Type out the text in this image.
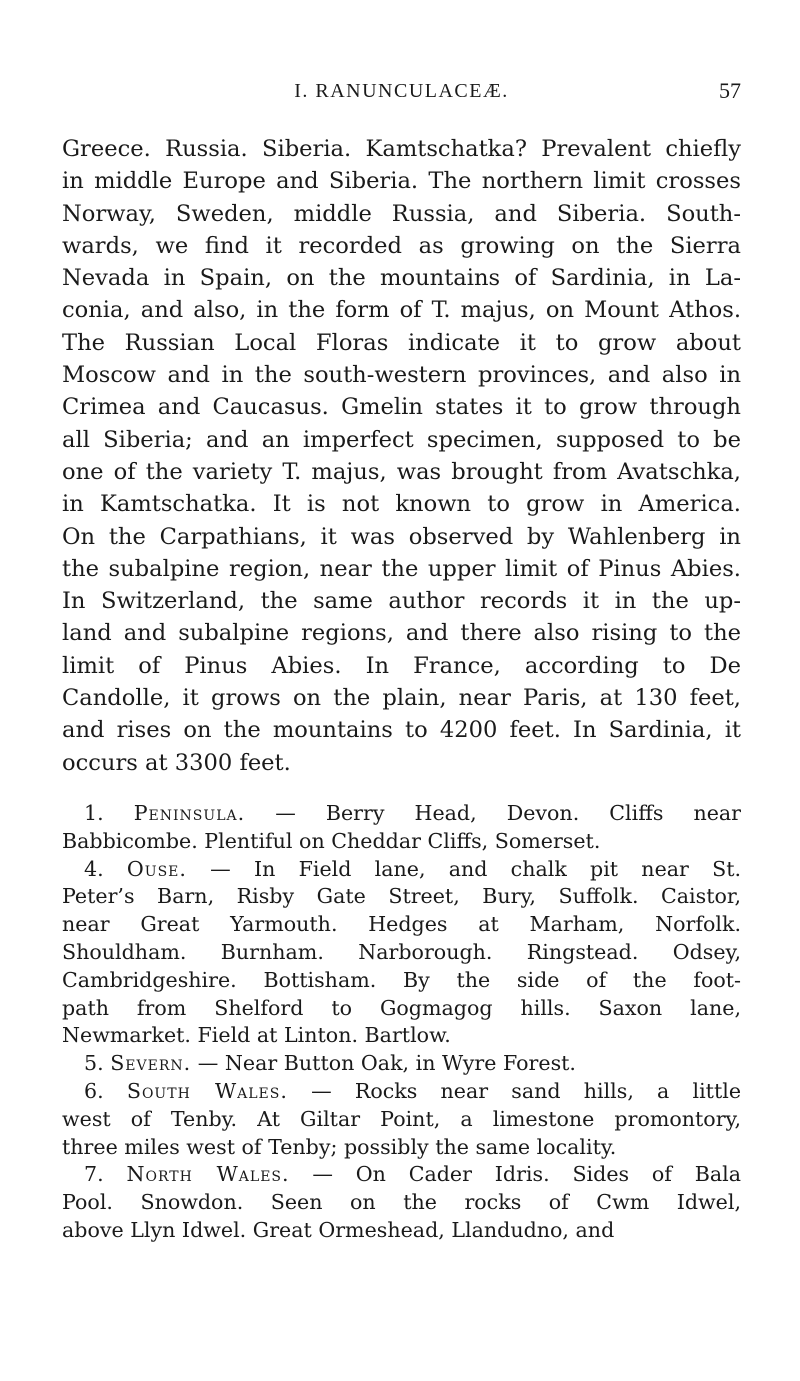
I. RANUNCULACEÆ.	57
Greece. Russia. Siberia. Kamtschatka? Prevalent chiefly
in middle Europe and Siberia. The northern limit crosses
Norway, Sweden, middle Russia, and Siberia. South-
wards, we find it recorded as growing on the Sierra
Nevada in Spain, on the mountains of Sardinia, in La-
conia, and also, in the form of T. majus, on Mount Athos.
The Russian Local Floras indicate it to grow about
Moscow and in the south-western provinces, and also in
Crimea and Caucasus. Gmelin states it to grow through
all Siberia; and an imperfect specimen, supposed to be
one of the variety T. majus, was brought from Avatschka,
in Kamtschatka. It is not known to grow in America.
On the Carpathians, it was observed by Wahlenberg in
the subalpine region, near the upper limit of Pinus Abies.
In Switzerland, the same author records it in the up-
land and subalpine regions, and there also rising to the
limit of Pinus Abies. In France, according to De
Candolle, it grows on the plain, near Paris, at 130 feet,
and rises on the mountains to 4200 feet. In Sardinia, it
occurs at 3300 feet.
1. Peninsula. — Berry Head, Devon. Cliffs near
Babbicombe. Plentiful on Cheddar Cliffs, Somerset.
4. Ouse. — In Field lane, and chalk pit near St.
Peter’s Barn, Risby Gate Street, Bury, Suffolk. Caistor,
near Great Yarmouth. Hedges at Marham, Norfolk.
Shouldham. Burnham. Narborough. Ringstead. Odsey,
Cambridgeshire. Bottisham. By the side of the foot-
path from Shelford to Gogmagog hills. Saxon lane,
Newmarket. Field at Linton. Bartlow.
5. Severn. — Near Button Oak, in Wyre Forest.
6. South Wales. — Rocks near sand hills, a little
west of Tenby. At Giltar Point, a limestone promontory,
three miles west of Tenby; possibly the same locality.
7. North Wales. — On Cader Idris. Sides of Bala
Pool. Snowdon. Seen on the rocks of Cwm Idwel,
above Llyn Idwel. Great Ormeshead, Llandudno, and
